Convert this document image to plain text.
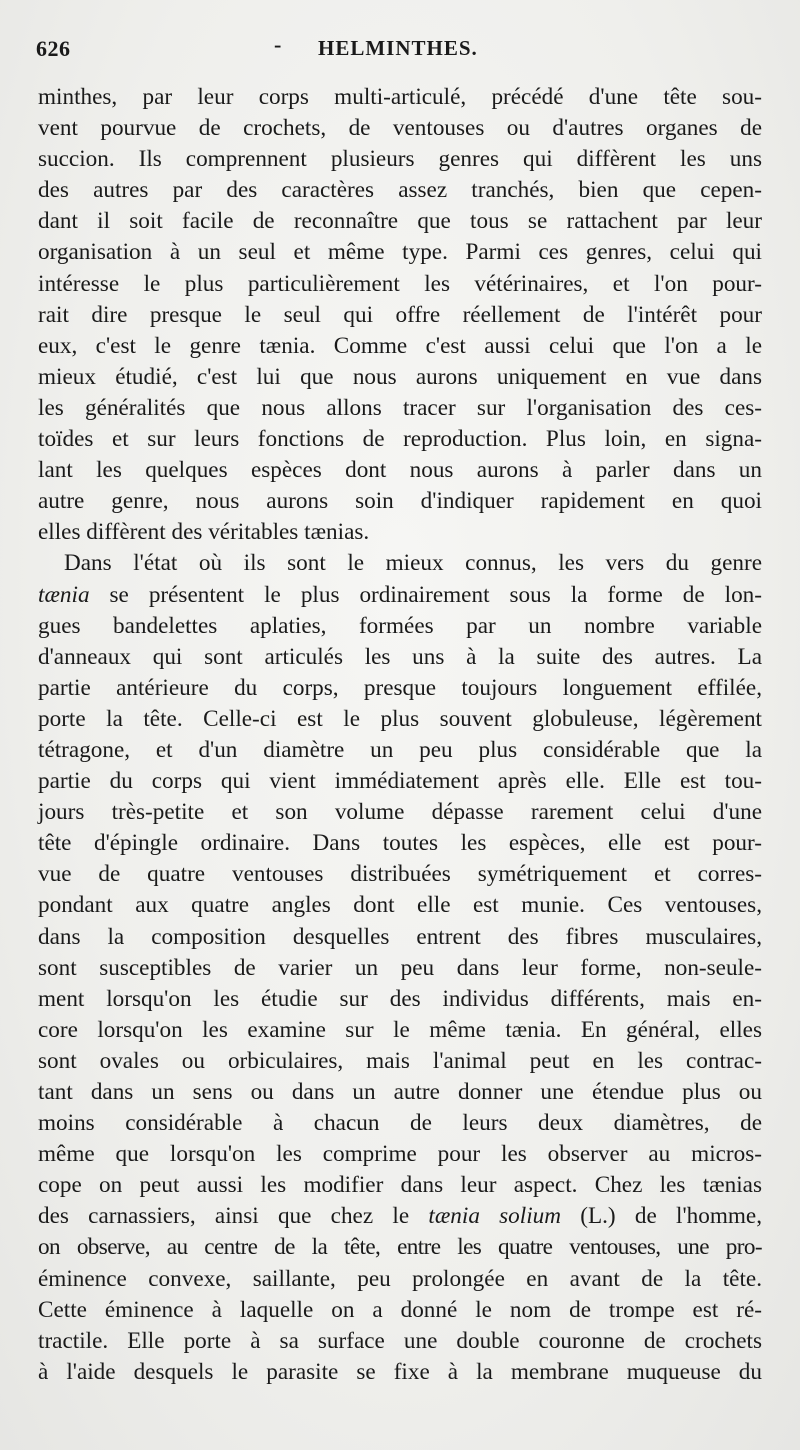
626	- HELMINTHES.
minthes, par leur corps multi-articulé, précédé d'une tête sou-
vent pourvue de crochets, de ventouses ou d'autres organes de
succion. Ils comprennent plusieurs genres qui diffèrent les uns
des autres par des caractères assez tranchés, bien que cepen-
dant il soit facile de reconnaître que tous se rattachent par leur
organisation à un seul et même type. Parmi ces genres, celui qui
intéresse le plus particulièrement les vétérinaires, et l'on pour-
rait dire presque le seul qui offre réellement de l'intérêt pour
eux, c'est le genre tænia. Comme c'est aussi celui que l'on a le
mieux étudié, c'est lui que nous aurons uniquement en vue dans
les généralités que nous allons tracer sur l'organisation des ces-
toïdes et sur leurs fonctions de reproduction. Plus loin, en signa-
lant les quelques espèces dont nous aurons à parler dans un
autre genre, nous aurons soin d'indiquer rapidement en quoi
elles diffèrent des véritables tænias.
Dans l'état où ils sont le mieux connus, les vers du genre
tænia se présentent le plus ordinairement sous la forme de lon-
gues bandelettes aplaties, formées par un nombre variable
d'anneaux qui sont articulés les uns à la suite des autres. La
partie antérieure du corps, presque toujours longuement effilée,
porte la tête. Celle-ci est le plus souvent globuleuse, légèrement
tétragone, et d'un diamètre un peu plus considérable que la
partie du corps qui vient immédiatement après elle. Elle est tou-
jours très-petite et son volume dépasse rarement celui d'une
tête d'épingle ordinaire. Dans toutes les espèces, elle est pour-
vue de quatre ventouses distribuées symétriquement et corres-
pondant aux quatre angles dont elle est munie. Ces ventouses,
dans la composition desquelles entrent des fibres musculaires,
sont susceptibles de varier un peu dans leur forme, non-seule-
ment lorsqu'on les étudie sur des individus différents, mais en-
core lorsqu'on les examine sur le même tænia. En général, elles
sont ovales ou orbiculaires, mais l'animal peut en les contrac-
tant dans un sens ou dans un autre donner une étendue plus ou
moins considérable à chacun de leurs deux diamètres, de
même que lorsqu'on les comprime pour les observer au micros-
cope on peut aussi les modifier dans leur aspect. Chez les tænias
des carnassiers, ainsi que chez le tænia solium (L.) de l'homme,
on observe, au centre de la tête, entre les quatre ventouses, une pro-
éminence convexe, saillante, peu prolongée en avant de la tête.
Cette éminence à laquelle on a donné le nom de trompe est ré-
tractile. Elle porte à sa surface une double couronne de crochets
à l'aide desquels le parasite se fixe à la membrane muqueuse du
